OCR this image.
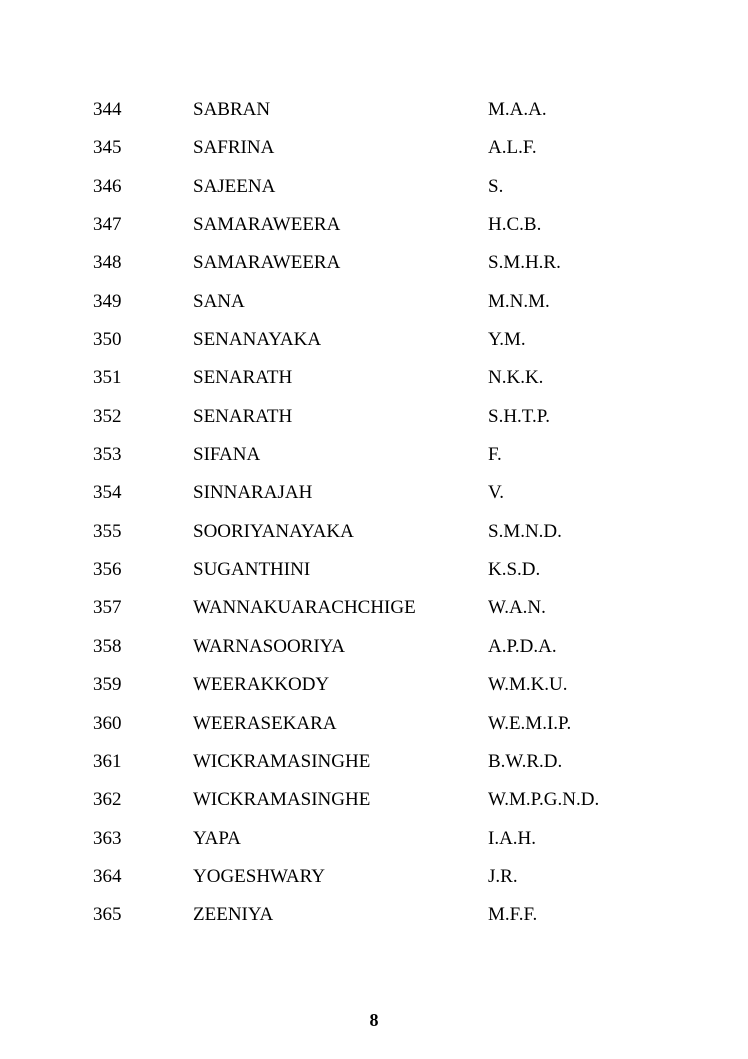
344	SABRAN	M.A.A.
345	SAFRINA	A.L.F.
346	SAJEENA	S.
347	SAMARAWEERA	H.C.B.
348	SAMARAWEERA	S.M.H.R.
349	SANA	M.N.M.
350	SENANAYAKA	Y.M.
351	SENARATH	N.K.K.
352	SENARATH	S.H.T.P.
353	SIFANA	F.
354	SINNARAJAH	V.
355	SOORIYANAYAKA	S.M.N.D.
356	SUGANTHINI	K.S.D.
357	WANNAKUARACHCHIGE	W.A.N.
358	WARNASOORIYA	A.P.D.A.
359	WEERAKKODY	W.M.K.U.
360	WEERASEKARA	W.E.M.I.P.
361	WICKRAMASINGHE	B.W.R.D.
362	WICKRAMASINGHE	W.M.P.G.N.D.
363	YAPA	I.A.H.
364	YOGESHWARY	J.R.
365	ZEENIYA	M.F.F.
8
